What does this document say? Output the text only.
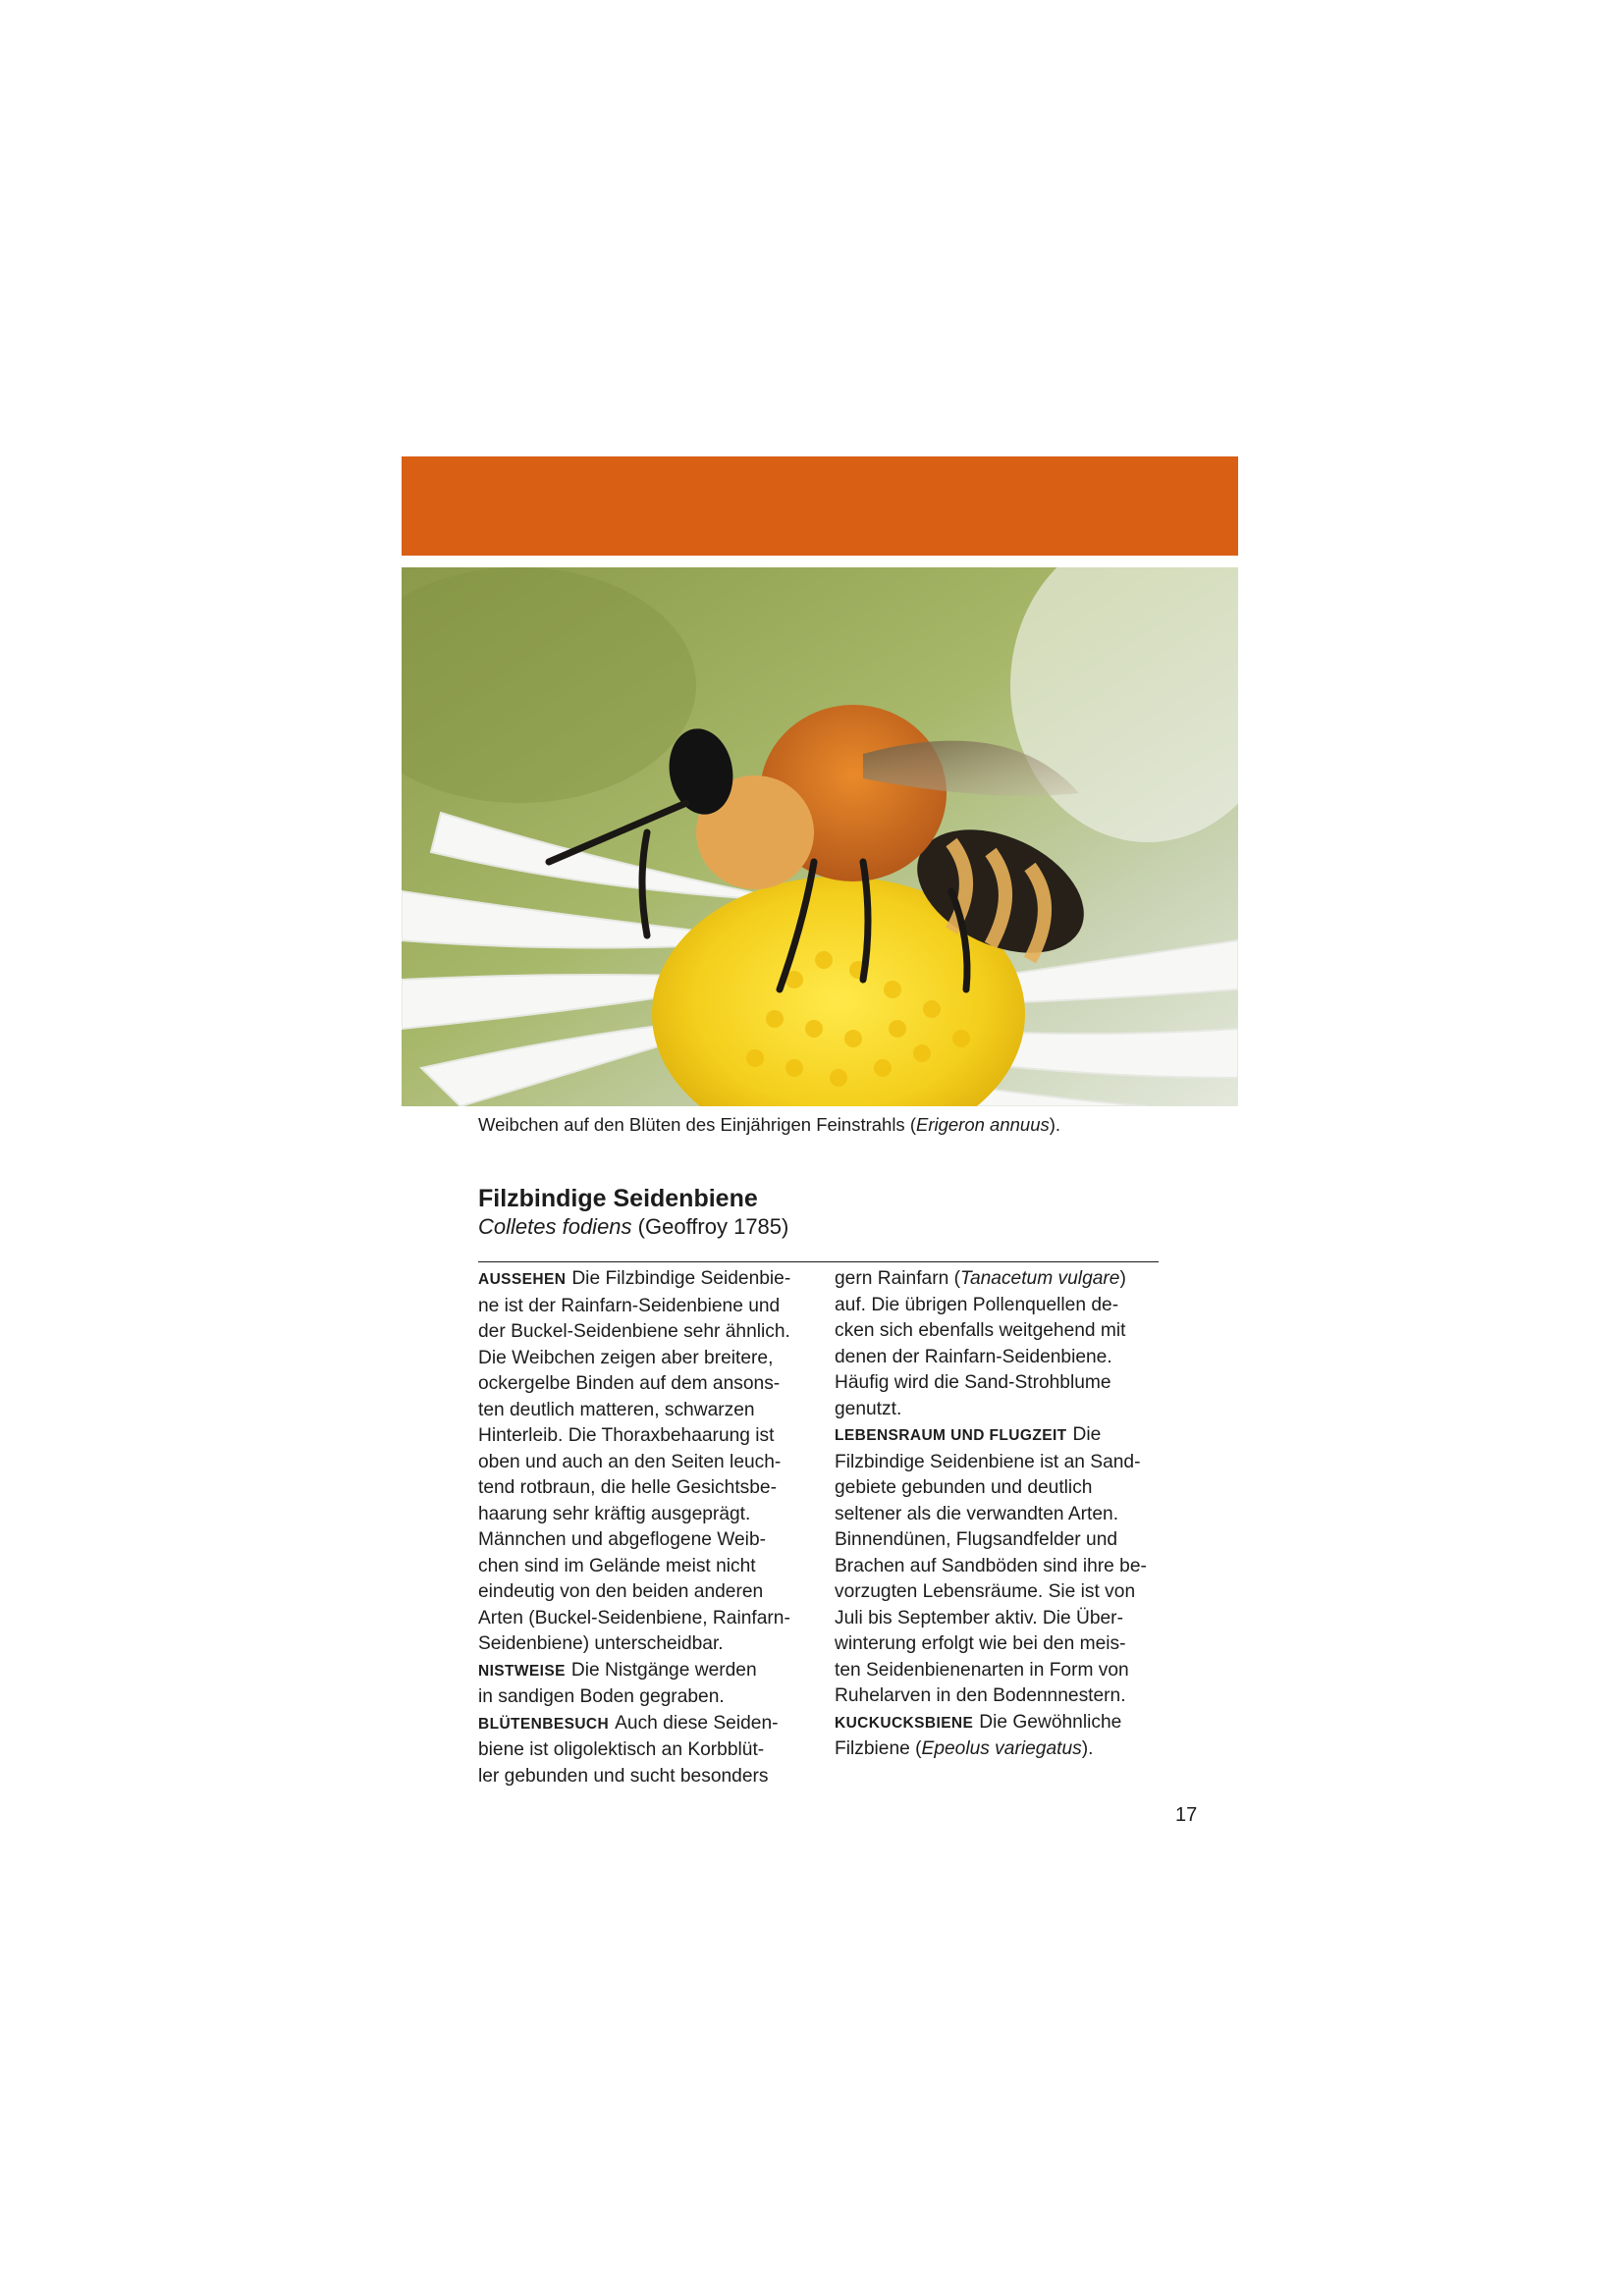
Weibchen auf den Blüten des Einjährigen Feinstrahls (Erigeron annuus).
Filzbindige Seidenbiene
Colletes fodiens (Geoffroy 1785)
AUSSEHEN Die Filzbindige Seidenbie-
ne ist der Rainfarn-Seidenbiene und
der Buckel-Seidenbiene sehr ähnlich.
Die Weibchen zeigen aber breitere,
ockergelbe Binden auf dem ansons-
ten deutlich matteren, schwarzen
Hinterleib. Die Thoraxbehaarung ist
oben und auch an den Seiten leuch-
tend rotbraun, die helle Gesichtsbe-
haarung sehr kräftig ausgeprägt.
Männchen und abgeflogene Weib-
chen sind im Gelände meist nicht
eindeutig von den beiden anderen
Arten (Buckel-Seidenbiene, Rainfarn-
Seidenbiene) unterscheidbar.
NISTWEISE Die Nistgänge werden
in sandigen Boden gegraben.
BLÜTENBESUCH Auch diese Seiden-
biene ist oligolektisch an Korbblüt-
ler gebunden und sucht besonders
gern Rainfarn (Tanacetum vulgare)
auf. Die übrigen Pollenquellen de-
cken sich ebenfalls weitgehend mit
denen der Rainfarn-Seidenbiene.
Häufig wird die Sand-Strohblume
genutzt.
LEBENSRAUM UND FLUGZEIT Die
Filzbindige Seidenbiene ist an Sand-
gebiete gebunden und deutlich
seltener als die verwandten Arten.
Binnendünen, Flugsandfelder und
Brachen auf Sandböden sind ihre be-
vorzugten Lebensräume. Sie ist von
Juli bis September aktiv. Die Über-
winterung erfolgt wie bei den meis-
ten Seidenbienenarten in Form von
Ruhelarven in den Bodennnestern.
KUCKUCKSBIENE Die Gewöhnliche
Filzbiene (Epeolus variegatus).
17
